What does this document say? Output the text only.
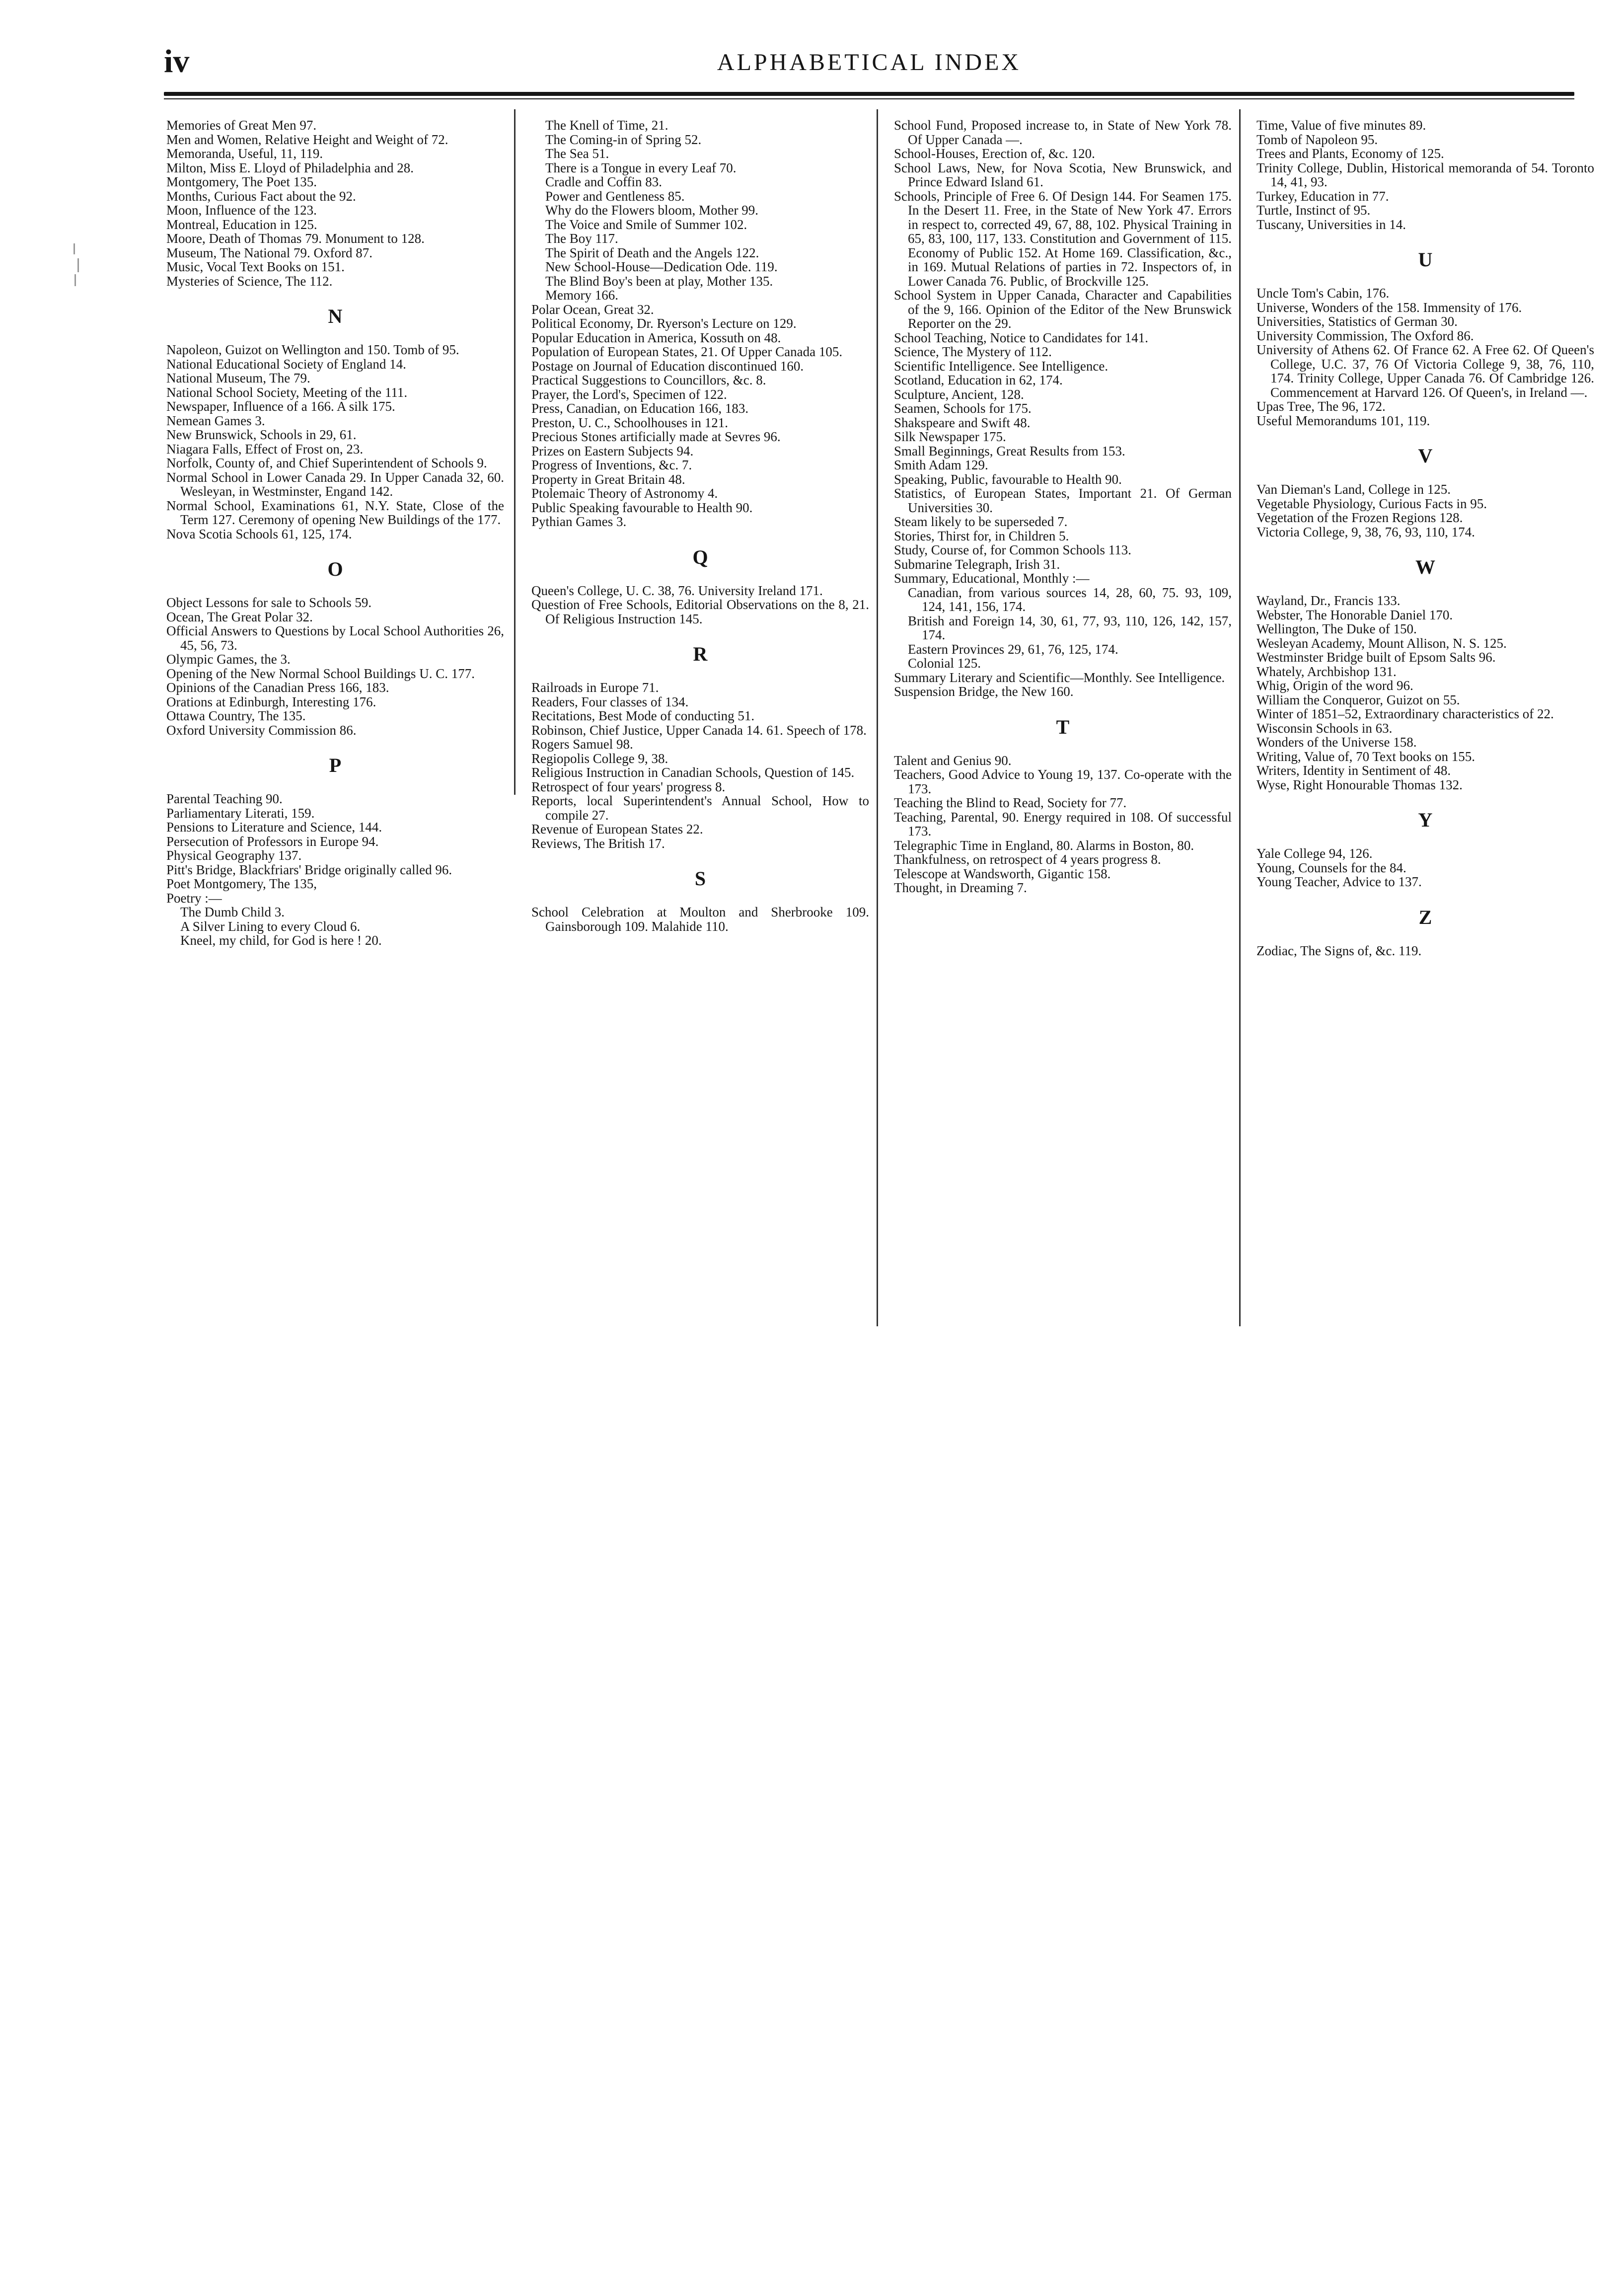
iv	ALPHABETICAL INDEX
Memories of Great Men 97.
Men and Women, Relative Height and Weight of 72.
Memoranda, Useful, 11, 119.
Milton, Miss E. Lloyd of Philadelphia and 28.
Montgomery, The Poet 135.
Months, Curious Fact about the 92.
Moon, Influence of the 123.
Montreal, Education in 125.
Moore, Death of Thomas 79. Monument to 128.
Museum, The National 79. Oxford 87.
Music, Vocal Text Books on 151.
Mysteries of Science, The 112.
N
Napoleon, Guizot on Wellington and 150. Tomb of 95.
National Educational Society of England 14.
National Museum, The 79.
National School Society, Meeting of the 111.
Newspaper, Influence of a 166. A silk 175.
Nemean Games 3.
New Brunswick, Schools in 29, 61.
Niagara Falls, Effect of Frost on, 23.
Norfolk, County of, and Chief Superintendent of Schools 9.
Normal School in Lower Canada 29. In Upper Canada 32, 60. Wesleyan, in Westminster, Engand 142.
Normal School, Examinations 61, N.Y. State, Close of the Term 127. Ceremony of opening New Buildings of the 177.
Nova Scotia Schools 61, 125, 174.
O
Object Lessons for sale to Schools 59.
Ocean, The Great Polar 32.
Official Answers to Questions by Local School Authorities 26, 45, 56, 73.
Olympic Games, the 3.
Opening of the New Normal School Buildings U. C. 177.
Opinions of the Canadian Press 166, 183.
Orations at Edinburgh, Interesting 176.
Ottawa Country, The 135.
Oxford University Commission 86.
P
Parental Teaching 90.
Parliamentary Literati, 159.
Pensions to Literature and Science, 144.
Persecution of Professors in Europe 94.
Physical Geography 137.
Pitt's Bridge, Blackfriars' Bridge originally called 96.
Poet Montgomery, The 135,
Poetry :—
The Dumb Child 3.
A Silver Lining to every Cloud 6.
Kneel, my child, for God is here ! 20.
The Knell of Time, 21.
The Coming-in of Spring 52.
The Sea 51.
There is a Tongue in every Leaf 70.
Cradle and Coffin 83.
Power and Gentleness 85.
Why do the Flowers bloom, Mother 99.
The Voice and Smile of Summer 102.
The Boy 117.
The Spirit of Death and the Angels 122.
New School-House—Dedication Ode. 119.
The Blind Boy's been at play, Mother 135.
Memory 166.
Polar Ocean, Great 32.
Political Economy, Dr. Ryerson's Lecture on 129.
Popular Education in America, Kossuth on 48.
Population of European States, 21. Of Upper Canada 105.
Postage on Journal of Education discontinued 160.
Practical Suggestions to Councillors, &c. 8.
Prayer, the Lord's, Specimen of 122.
Press, Canadian, on Education 166, 183.
Preston, U. C., Schoolhouses in 121.
Precious Stones artificially made at Sevres 96.
Prizes on Eastern Subjects 94.
Progress of Inventions, &c. 7.
Property in Great Britain 48.
Ptolemaic Theory of Astronomy 4.
Public Speaking favourable to Health 90.
Pythian Games 3.
Q
Queen's College, U. C. 38, 76. University Ireland 171.
Question of Free Schools, Editorial Observations on the 8, 21. Of Religious Instruction 145.
R
Railroads in Europe 71.
Readers, Four classes of 134.
Recitations, Best Mode of conducting 51.
Robinson, Chief Justice, Upper Canada 14. 61. Speech of 178.
Rogers Samuel 98.
Regiopolis College 9, 38.
Religious Instruction in Canadian Schools, Question of 145.
Retrospect of four years' progress 8.
Reports, local Superintendent's Annual School, How to compile 27.
Revenue of European States 22.
Reviews, The British 17.
S
School Celebration at Moulton and Sherbrooke 109. Gainsborough 109. Malahide 110.
School Fund, Proposed increase to, in State of New York 78. Of Upper Canada —.
School-Houses, Erection of, &c. 120.
School Laws, New, for Nova Scotia, New Brunswick, and Prince Edward Island 61.
Schools, Principle of Free 6. Of Design 144. For Seamen 175. In the Desert 11. Free, in the State of New York 47. Errors in respect to, corrected 49, 67, 88, 102. Physical Training in 65, 83, 100, 117, 133. Constitution and Government of 115. Economy of Public 152. At Home 169. Classification, &c., in 169. Mutual Relations of parties in 72. Inspectors of, in Lower Canada 76. Public, of Brockville 125.
School System in Upper Canada, Character and Capabilities of the 9, 166. Opinion of the Editor of the New Brunswick Reporter on the 29.
School Teaching, Notice to Candidates for 141.
Science, The Mystery of 112.
Scientific Intelligence. See Intelligence.
Scotland, Education in 62, 174.
Sculpture, Ancient, 128.
Seamen, Schools for 175.
Shakspeare and Swift 48.
Silk Newspaper 175.
Small Beginnings, Great Results from 153.
Smith Adam 129.
Speaking, Public, favourable to Health 90.
Statistics, of European States, Important 21. Of German Universities 30.
Steam likely to be superseded 7.
Stories, Thirst for, in Children 5.
Study, Course of, for Common Schools 113.
Submarine Telegraph, Irish 31.
Summary, Educational, Monthly :—
Canadian, from various sources 14, 28, 60, 75. 93, 109, 124, 141, 156, 174.
British and Foreign 14, 30, 61, 77, 93, 110, 126, 142, 157, 174.
Eastern Provinces 29, 61, 76, 125, 174.
Colonial 125.
Summary Literary and Scientific—Monthly. See Intelligence.
Suspension Bridge, the New 160.
T
Talent and Genius 90.
Teachers, Good Advice to Young 19, 137. Co-operate with the 173.
Teaching the Blind to Read, Society for 77.
Teaching, Parental, 90. Energy required in 108. Of successful 173.
Telegraphic Time in England, 80. Alarms in Boston, 80.
Thankfulness, on retrospect of 4 years progress 8.
Telescope at Wandsworth, Gigantic 158.
Thought, in Dreaming 7.
Time, Value of five minutes 89.
Tomb of Napoleon 95.
Trees and Plants, Economy of 125.
Trinity College, Dublin, Historical memoranda of 54. Toronto 14, 41, 93.
Turkey, Education in 77.
Turtle, Instinct of 95.
Tuscany, Universities in 14.
U
Uncle Tom's Cabin, 176.
Universe, Wonders of the 158. Immensity of 176.
Universities, Statistics of German 30.
University Commission, The Oxford 86.
University of Athens 62. Of France 62. A Free 62. Of Queen's College, U.C. 37, 76 Of Victoria College 9, 38, 76, 110, 174. Trinity College, Upper Canada 76. Of Cambridge 126. Commencement at Harvard 126. Of Queen's, in Ireland —.
Upas Tree, The 96, 172.
Useful Memorandums 101, 119.
V
Van Dieman's Land, College in 125.
Vegetable Physiology, Curious Facts in 95.
Vegetation of the Frozen Regions 128.
Victoria College, 9, 38, 76, 93, 110, 174.
W
Wayland, Dr., Francis 133.
Webster, The Honorable Daniel 170.
Wellington, The Duke of 150.
Wesleyan Academy, Mount Allison, N. S. 125.
Westminster Bridge built of Epsom Salts 96.
Whately, Archbishop 131.
Whig, Origin of the word 96.
William the Conqueror, Guizot on 55.
Winter of 1851–52, Extraordinary characteristics of 22.
Wisconsin Schools in 63.
Wonders of the Universe 158.
Writing, Value of, 70 Text books on 155.
Writers, Identity in Sentiment of 48.
Wyse, Right Honourable Thomas 132.
Y
Yale College 94, 126.
Young, Counsels for the 84.
Young Teacher, Advice to 137.
Z
Zodiac, The Signs of, &c. 119.
